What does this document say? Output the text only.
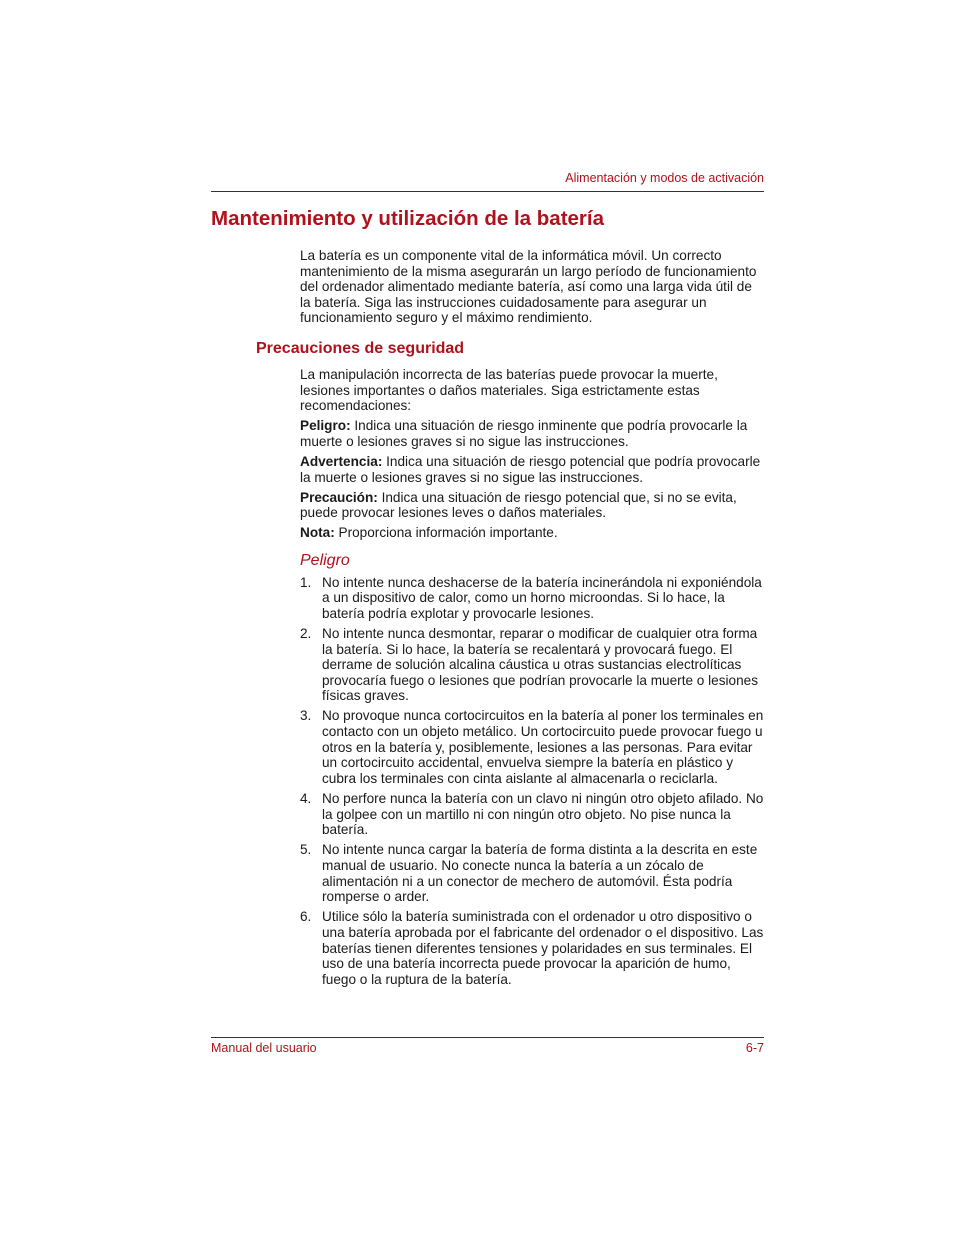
Alimentación y modos de activación
Mantenimiento y utilización de la batería

La batería es un componente vital de la informática móvil. Un correcto mantenimiento de la misma asegurarán un largo período de funcionamiento del ordenador alimentado mediante batería, así como una larga vida útil de la batería. Siga las instrucciones cuidadosamente para asegurar un funcionamiento seguro y el máximo rendimiento.

Precauciones de seguridad

La manipulación incorrecta de las baterías puede provocar la muerte, lesiones importantes o daños materiales. Siga estrictamente estas recomendaciones:

Peligro: Indica una situación de riesgo inminente que podría provocarle la muerte o lesiones graves si no sigue las instrucciones.

Advertencia: Indica una situación de riesgo potencial que podría provocarle la muerte o lesiones graves si no sigue las instrucciones.

Precaución: Indica una situación de riesgo potencial que, si no se evita, puede provocar lesiones leves o daños materiales.

Nota: Proporciona información importante.

Peligro
1. No intente nunca deshacerse de la batería incinerándola ni exponiéndola a un dispositivo de calor, como un horno microondas. Si lo hace, la batería podría explotar y provocarle lesiones.
2. No intente nunca desmontar, reparar o modificar de cualquier otra forma la batería. Si lo hace, la batería se recalentará y provocará fuego. El derrame de solución alcalina cáustica u otras sustancias electrolíticas provocaría fuego o lesiones que podrían provocarle la muerte o lesiones físicas graves.
3. No provoque nunca cortocircuitos en la batería al poner los terminales en contacto con un objeto metálico. Un cortocircuito puede provocar fuego u otros en la batería y, posiblemente, lesiones a las personas. Para evitar un cortocircuito accidental, envuelva siempre la batería en plástico y cubra los terminales con cinta aislante al almacenarla o reciclarla.
4. No perfore nunca la batería con un clavo ni ningún otro objeto afilado. No la golpee con un martillo ni con ningún otro objeto. No pise nunca la batería.
5. No intente nunca cargar la batería de forma distinta a la descrita en este manual de usuario. No conecte nunca la batería a un zócalo de alimentación ni a un conector de mechero de automóvil. Ésta podría romperse o arder.
6. Utilice sólo la batería suministrada con el ordenador u otro dispositivo o una batería aprobada por el fabricante del ordenador o el dispositivo. Las baterías tienen diferentes tensiones y polaridades en sus terminales. El uso de una batería incorrecta puede provocar la aparición de humo, fuego o la ruptura de la batería.
Manual del usuario	6-7
